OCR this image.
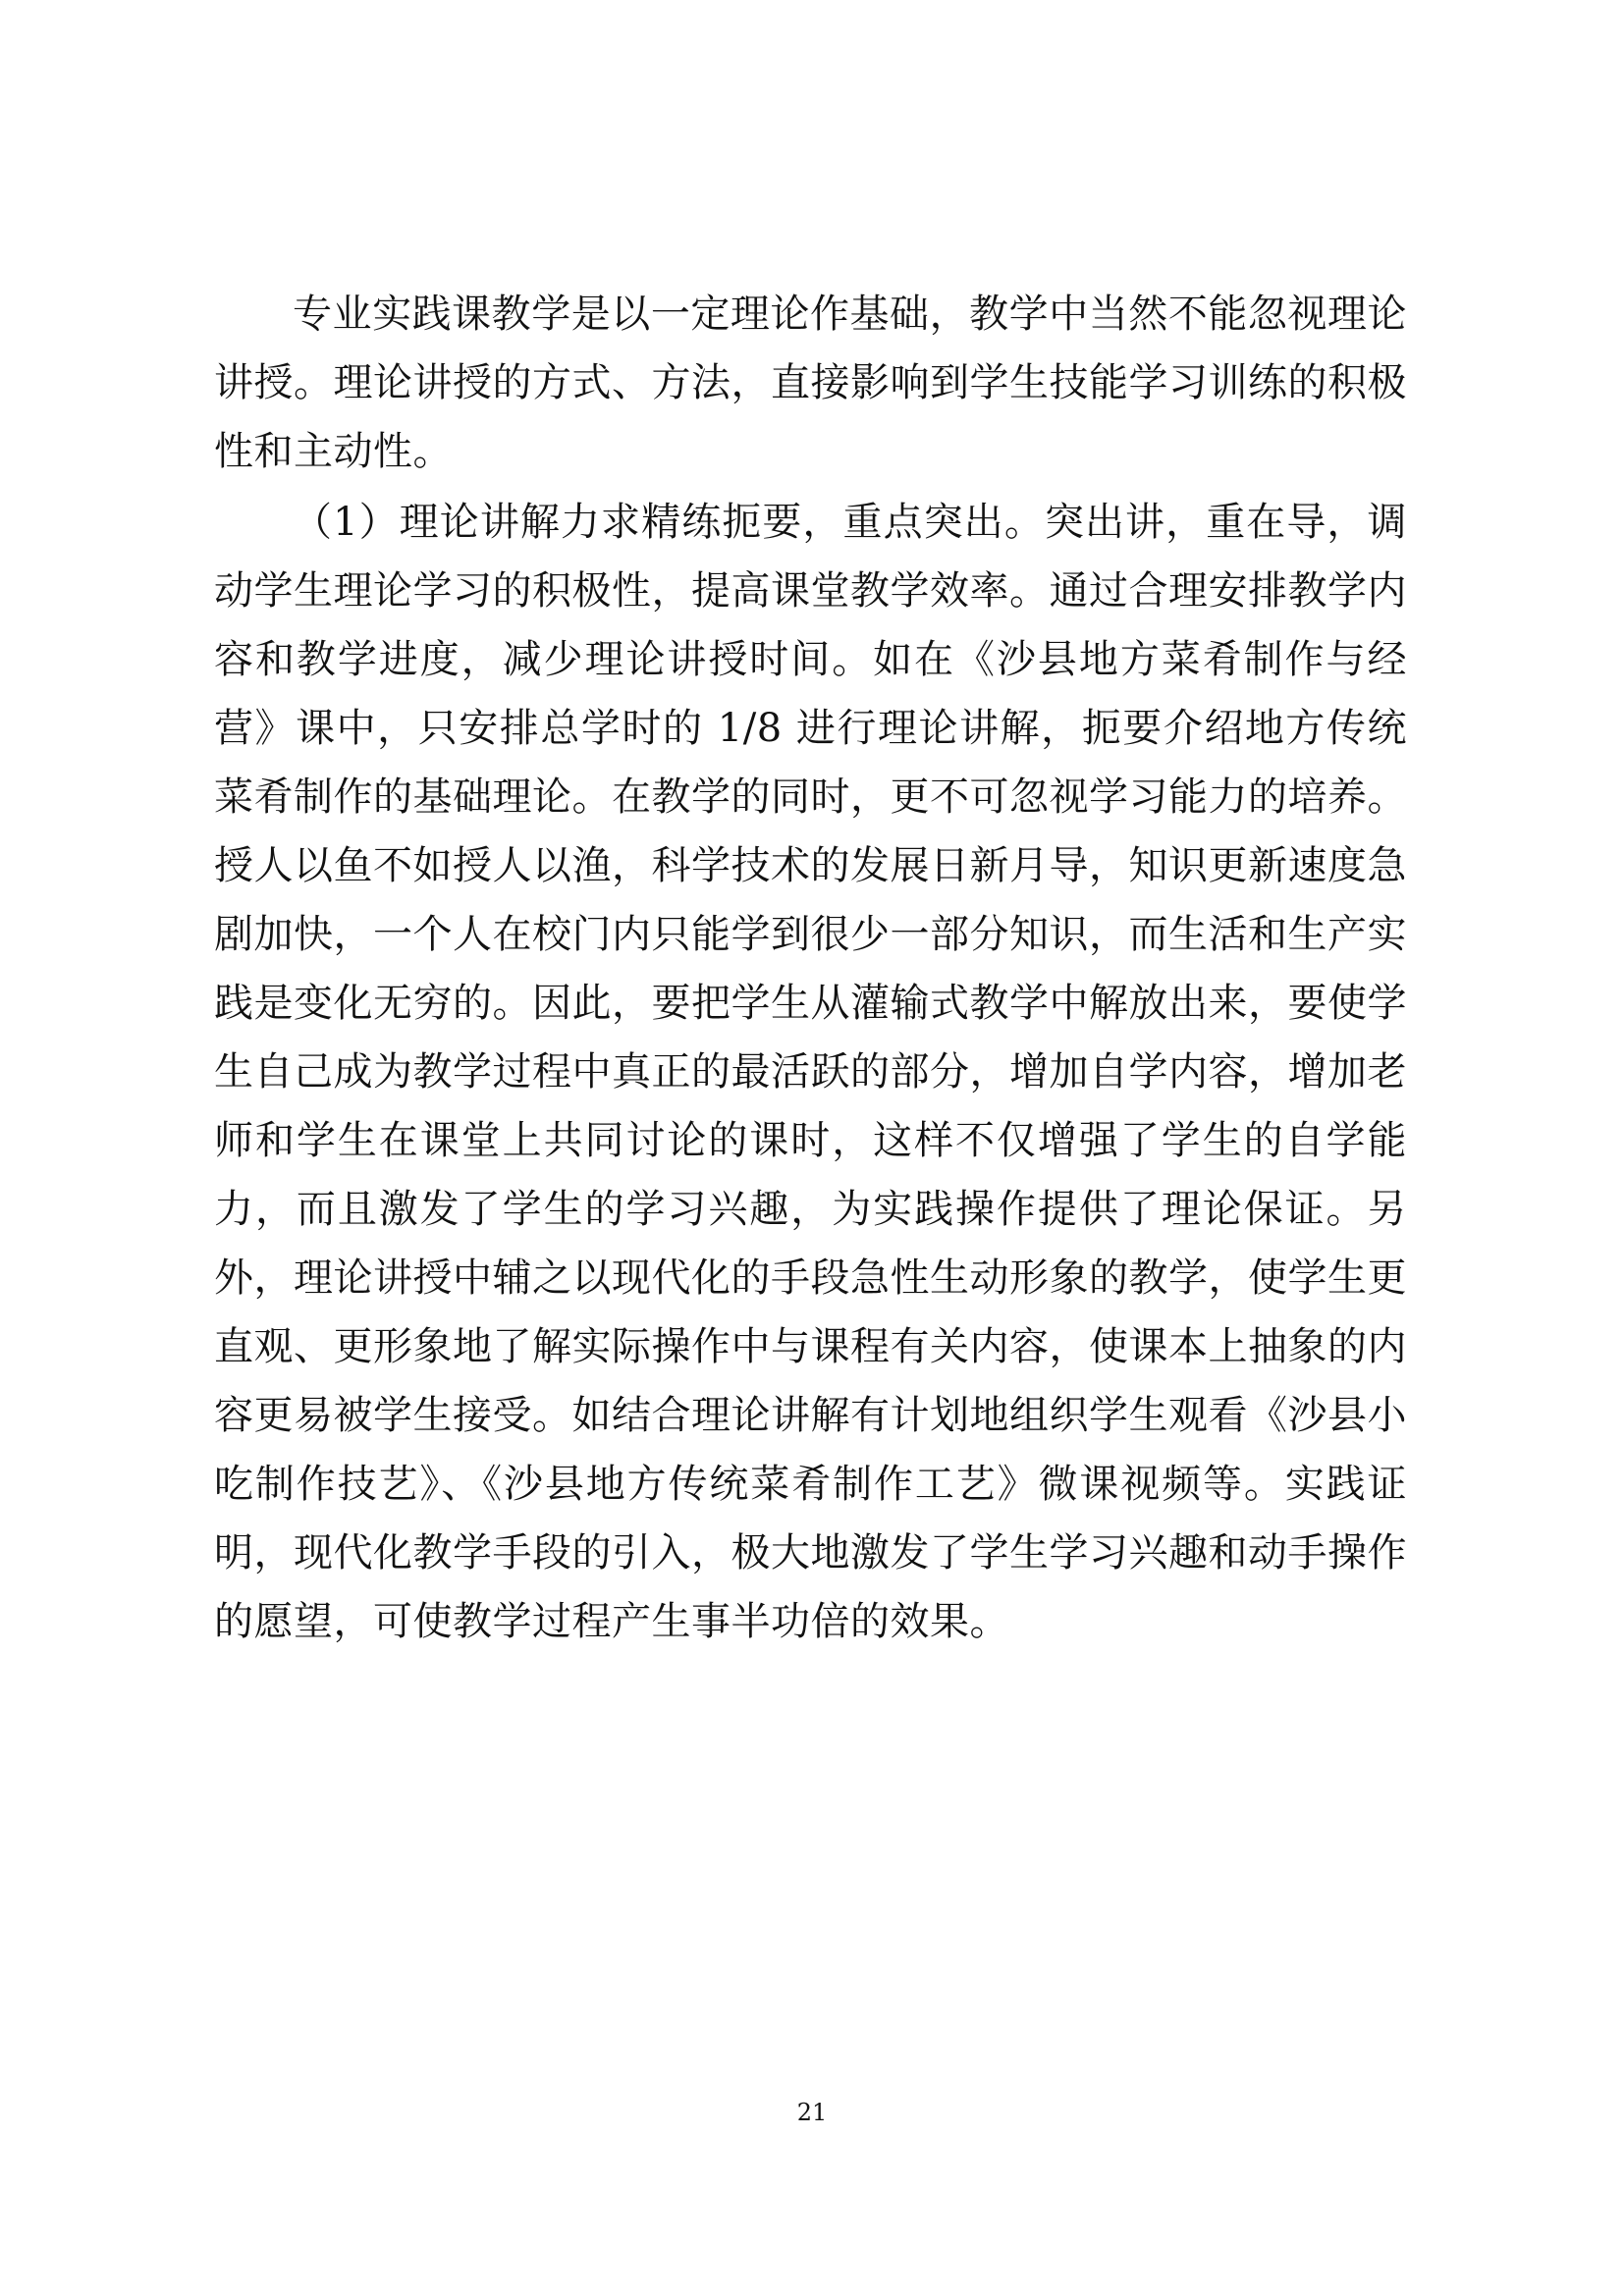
专业实践课教学是以一定理论作基础，教学中当然不能忽视理论讲授。理论讲授的方式、方法，直接影响到学生技能学习训练的积极性和主动性。

（1）理论讲解力求精练扼要，重点突出。突出讲，重在导，调动学生理论学习的积极性，提高课堂教学效率。通过合理安排教学内容和教学进度，减少理论讲授时间。如在《沙县地方菜肴制作与经营》课中，只安排总学时的 1/8 进行理论讲解，扼要介绍地方传统菜肴制作的基础理论。在教学的同时，更不可忽视学习能力的培养。授人以鱼不如授人以渔，科学技术的发展日新月导，知识更新速度急剧加快，一个人在校门内只能学到很少一部分知识，而生活和生产实践是变化无穷的。因此，要把学生从灌输式教学中解放出来，要使学生自己成为教学过程中真正的最活跃的部分，增加自学内容，增加老师和学生在课堂上共同讨论的课时，这样不仅增强了学生的自学能力，而且激发了学生的学习兴趣，为实践操作提供了理论保证。另外，理论讲授中辅之以现代化的手段急性生动形象的教学，使学生更直观、更形象地了解实际操作中与课程有关内容，使课本上抽象的内容更易被学生接受。如结合理论讲解有计划地组织学生观看《沙县小吃制作技艺》、《沙县地方传统菜肴制作工艺》微课视频等。实践证明，现代化教学手段的引入，极大地激发了学生学习兴趣和动手操作的愿望，可使教学过程产生事半功倍的效果。

21
